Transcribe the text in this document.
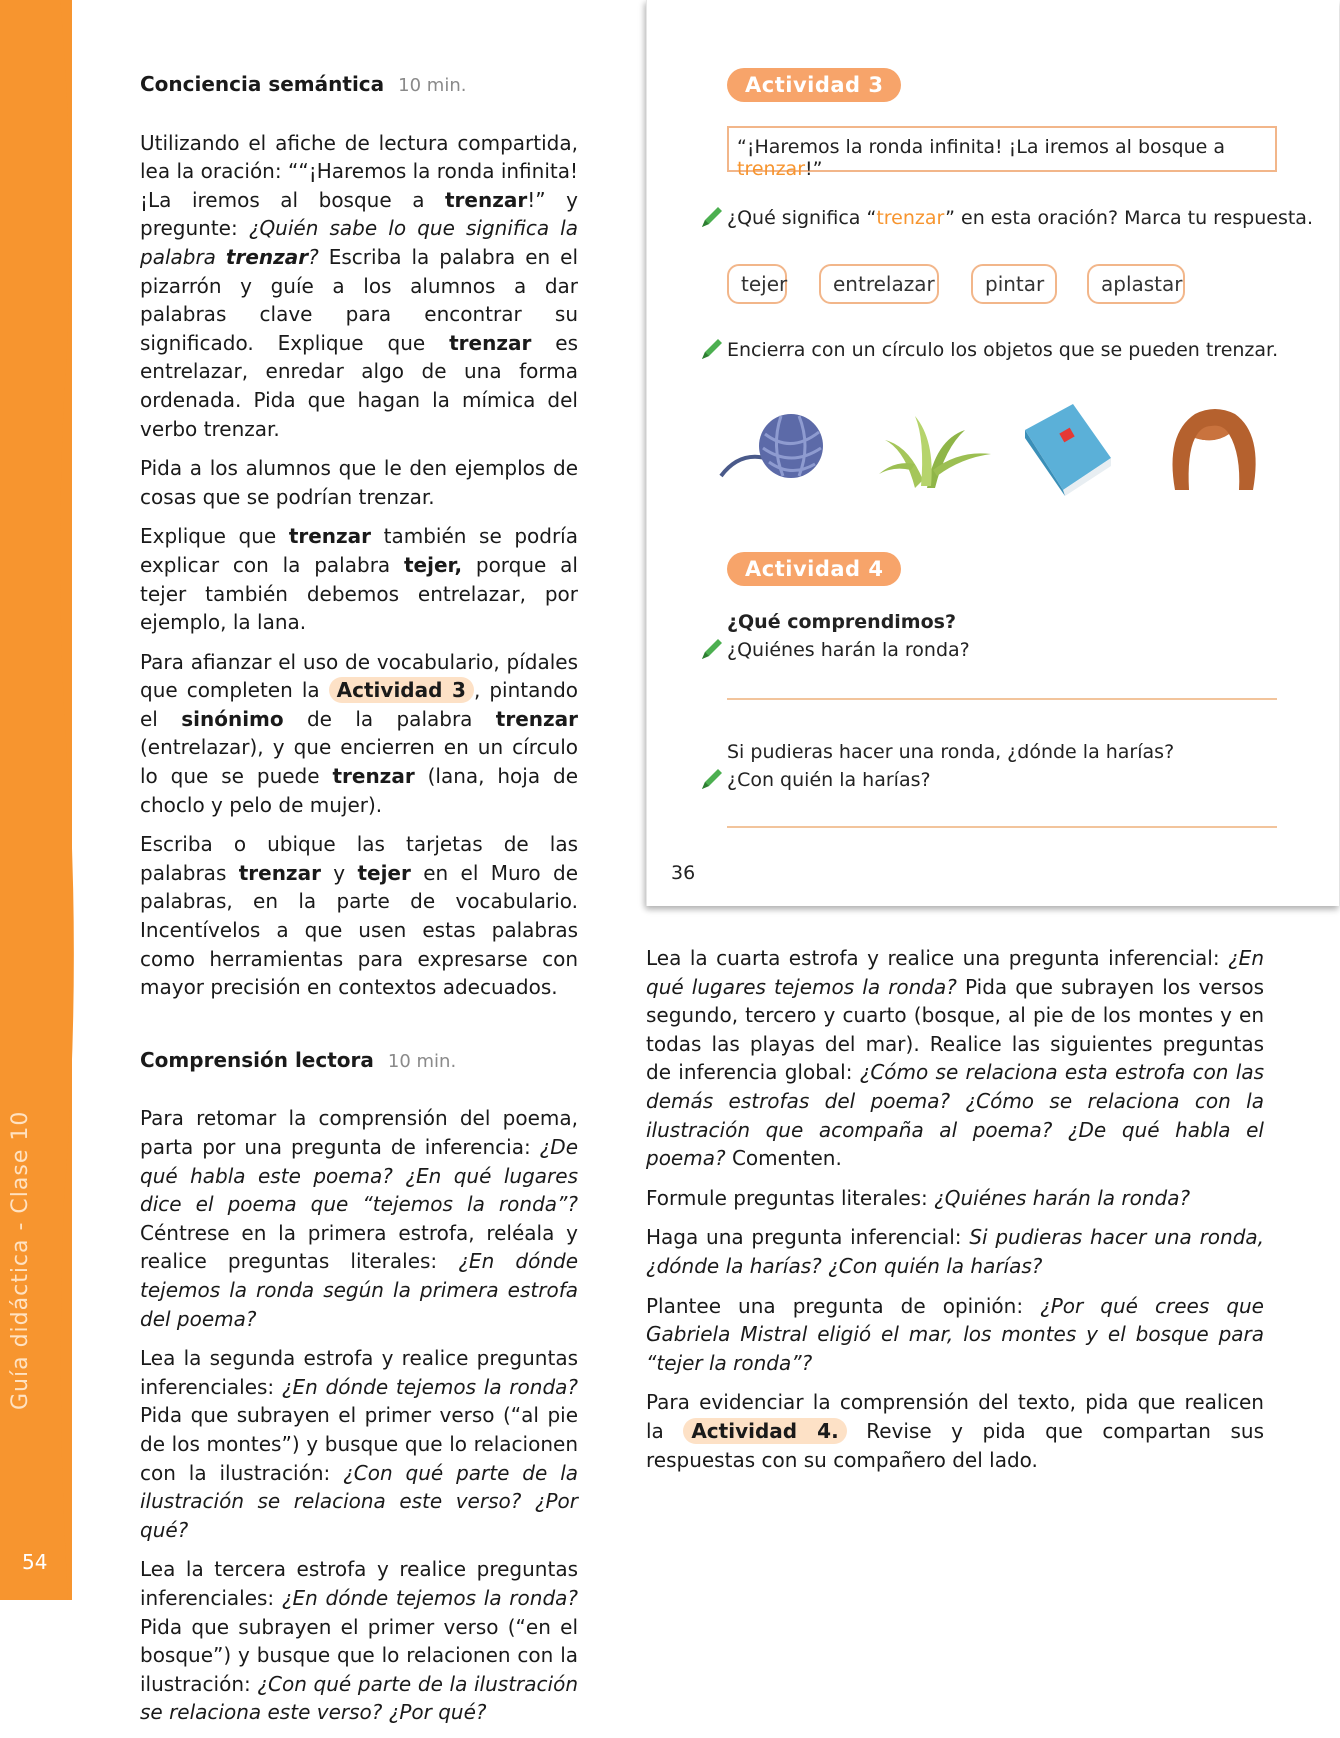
Guía didáctica - Clase 10
54
Conciencia semántica 10 min.

Utilizando el afiche de lectura compartida, lea la oración: ““¡Haremos la ronda infinita! ¡La iremos al bosque a trenzar!” y pregunte: ¿Quién sabe lo que significa la palabra trenzar? Escriba la palabra en el pizarrón y guíe a los alumnos a dar palabras clave para encontrar su significado. Explique que trenzar es entrelazar, enredar algo de una forma ordenada. Pida que hagan la mímica del verbo trenzar.

Pida a los alumnos que le den ejemplos de cosas que se podrían trenzar.

Explique que trenzar también se podría explicar con la palabra tejer, porque al tejer también debemos entrelazar, por ejemplo, la lana.

Para afianzar el uso de vocabulario, pídales que completen la Actividad 3 , pintando el sinónimo de la palabra trenzar (entrelazar), y que encierren en un círculo lo que se puede trenzar (lana, hoja de choclo y pelo de mujer).

Escriba o ubique las tarjetas de las palabras trenzar y tejer en el Muro de palabras, en la parte de vocabulario. Incentívelos a que usen estas palabras como herramientas para expresarse con mayor precisión en contextos adecuados.

Comprensión lectora 10 min.

Para retomar la comprensión del poema, parta por una pregunta de inferencia: ¿De qué habla este poema? ¿En qué lugares dice el poema que “tejemos la ronda”? Céntrese en la primera estrofa, reléala y realice preguntas literales: ¿En dónde tejemos la ronda según la primera estrofa del poema?

Lea la segunda estrofa y realice preguntas inferenciales: ¿En dónde tejemos la ronda? Pida que subrayen el primer verso (“al pie de los montes”) y busque que lo relacionen con la ilustración: ¿Con qué parte de la ilustración se relaciona este verso? ¿Por qué?

Lea la tercera estrofa y realice preguntas inferenciales: ¿En dónde tejemos la ronda? Pida que subrayen el primer verso (“en el bosque”) y busque que lo relacionen con la ilustración: ¿Con qué parte de la ilustración se relaciona este verso? ¿Por qué?

Actividad 3
“¡Haremos la ronda infinita! ¡La iremos al bosque a trenzar!”
¿Qué significa “trenzar” en esta oración? Marca tu respuesta.
tejer	entrelazar	pintar	aplastar
Encierra con un círculo los objetos que se pueden trenzar.
Actividad 4
¿Qué comprendimos?
¿Quiénes harán la ronda?
Si pudieras hacer una ronda, ¿dónde la harías?
¿Con quién la harías?
36

Lea la cuarta estrofa y realice una pregunta inferencial: ¿En qué lugares tejemos la ronda? Pida que subrayen los versos segundo, tercero y cuarto (bosque, al pie de los montes y en todas las playas del mar). Realice las siguientes preguntas de inferencia global: ¿Cómo se relaciona esta estrofa con las demás estrofas del poema? ¿Cómo se relaciona con la ilustración que acompaña al poema? ¿De qué habla el poema? Comenten.

Formule preguntas literales: ¿Quiénes harán la ronda?

Haga una pregunta inferencial: Si pudieras hacer una ronda, ¿dónde la harías? ¿Con quién la harías?

Plantee una pregunta de opinión: ¿Por qué crees que Gabriela Mistral eligió el mar, los montes y el bosque para “tejer la ronda”?

Para evidenciar la comprensión del texto, pida que realicen la Actividad 4. Revise y pida que compartan sus respuestas con su compañero del lado.
